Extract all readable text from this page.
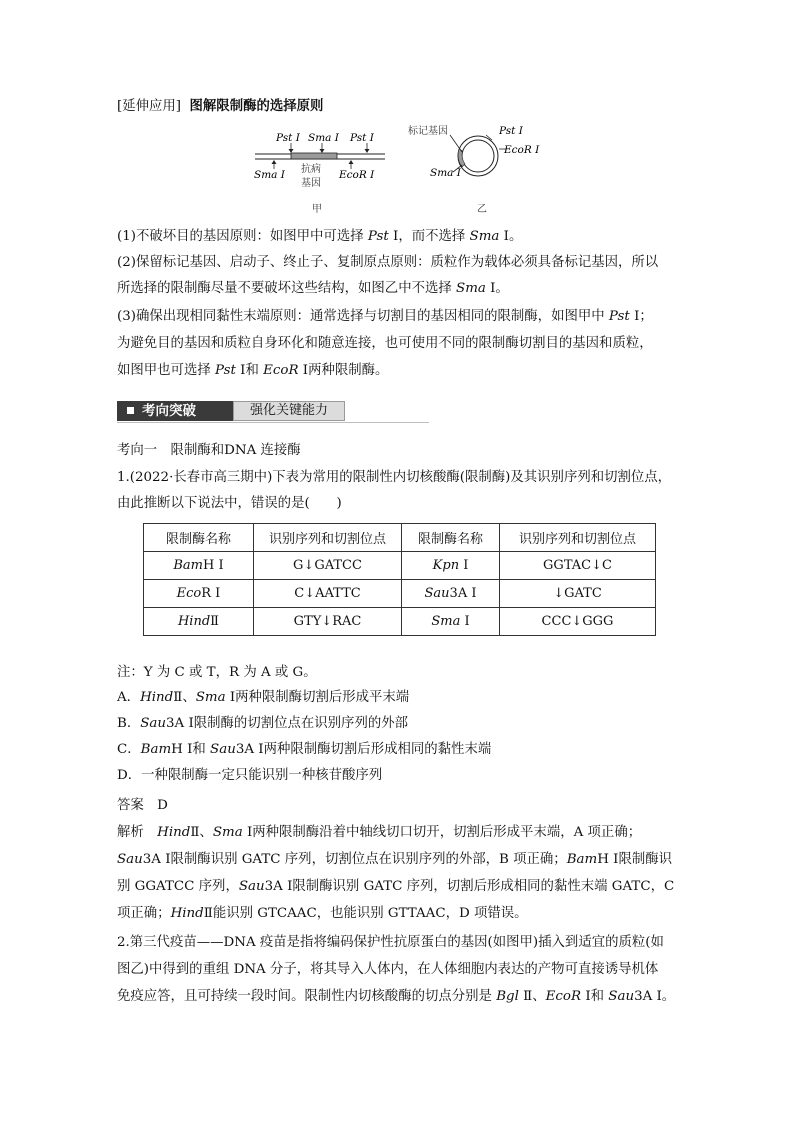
[延伸应用] 图解限制酶的选择原则
Pst Ⅰ Sma Ⅰ Pst Ⅰ
Sma Ⅰ	EcoR Ⅰ
抗病
基因
甲
标记基因	Pst Ⅰ
EcoR Ⅰ
Sma Ⅰ
乙
(1)不破坏目的基因原则：如图甲中可选择 Pst Ⅰ，而不选择 Sma Ⅰ。
(2)保留标记基因、启动子、终止子、复制原点原则：质粒作为载体必须具备标记基因，所以
所选择的限制酶尽量不要破坏这些结构，如图乙中不选择 Sma Ⅰ。
(3)确保出现相同黏性末端原则：通常选择与切割目的基因相同的限制酶，如图甲中 Pst Ⅰ；
为避免目的基因和质粒自身环化和随意连接，也可使用不同的限制酶切割目的基因和质粒，
如图甲也可选择 Pst Ⅰ和 EcoR Ⅰ两种限制酶。
考向突破	强化关键能力
考向一　限制酶和DNA 连接酶
1.(2022·长春市高三期中)下表为常用的限制性内切核酸酶(限制酶)及其识别序列和切割位点，
由此推断以下说法中，错误的是(　　)
限制酶名称	识别序列和切割位点	限制酶名称	识别序列和切割位点
BamH Ⅰ	G↓GATCC	Kpn Ⅰ	GGTAC↓C
EcoR Ⅰ	C↓AATTC	Sau3A Ⅰ	↓GATC
HindⅡ	GTY↓RAC	Sma Ⅰ	CCC↓GGG
注：Y 为 C 或 T，R 为 A 或 G。
A．HindⅡ、Sma Ⅰ两种限制酶切割后形成平末端
B．Sau3A Ⅰ限制酶的切割位点在识别序列的外部
C．BamH Ⅰ和 Sau3A Ⅰ两种限制酶切割后形成相同的黏性末端
D．一种限制酶一定只能识别一种核苷酸序列
答案　D
解析　HindⅡ、Sma Ⅰ两种限制酶沿着中轴线切口切开，切割后形成平末端，A 项正确；
Sau3A Ⅰ限制酶识别 GATC 序列，切割位点在识别序列的外部，B 项正确；BamH Ⅰ限制酶识
别 GGATCC 序列，Sau3A Ⅰ限制酶识别 GATC 序列，切割后形成相同的黏性末端 GATC，C
项正确；HindⅡ能识别 GTCAAC，也能识别 GTTAAC，D 项错误。
2.第三代疫苗——DNA 疫苗是指将编码保护性抗原蛋白的基因(如图甲)插入到适宜的质粒(如
图乙)中得到的重组 DNA 分子，将其导入人体内，在人体细胞内表达的产物可直接诱导机体
免疫应答，且可持续一段时间。限制性内切核酸酶的切点分别是 Bgl Ⅱ、EcoR Ⅰ和 Sau3A Ⅰ。
